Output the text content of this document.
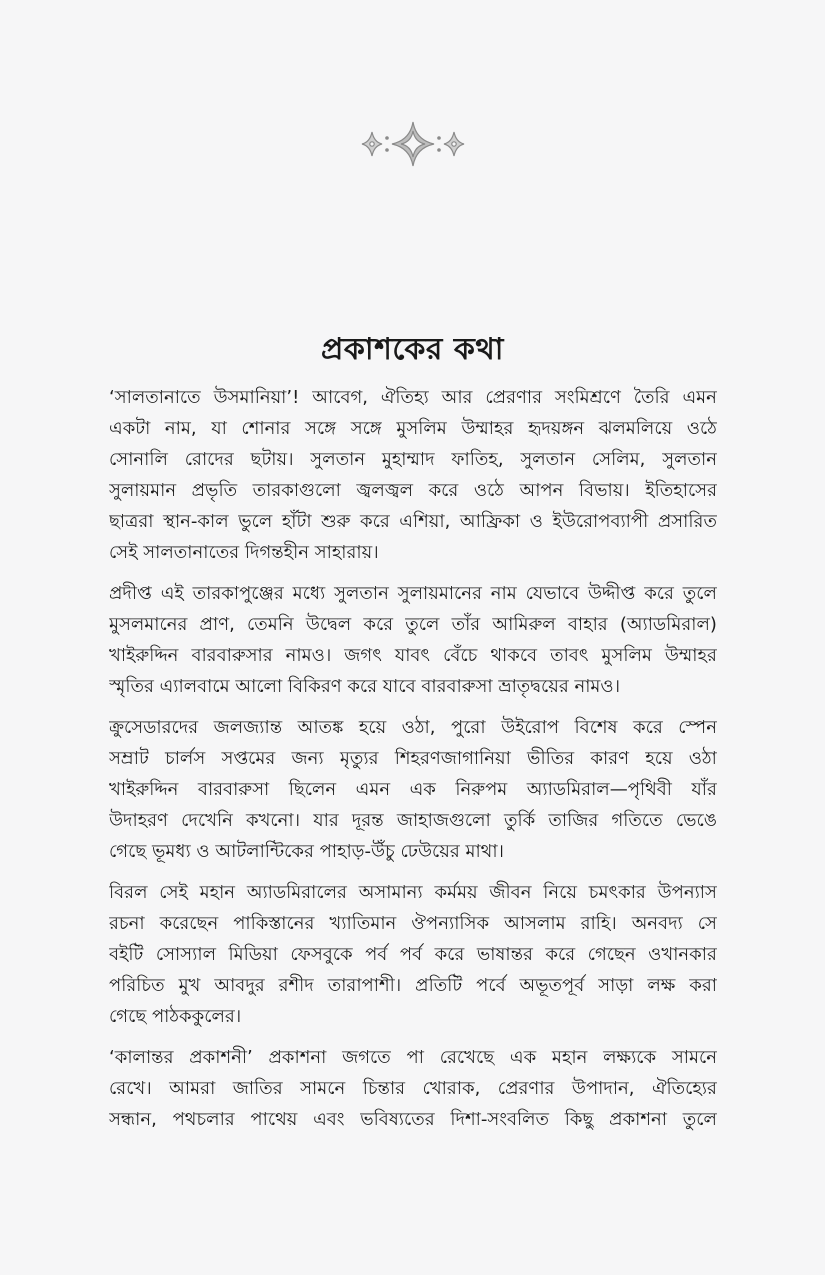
প্রকাশকের কথা
‘সালতানাতে উসমানিয়া’! আবেগ, ঐতিহ্য আর প্রেরণার সংমিশ্রণে তৈরি এমন
একটা নাম, যা শোনার সঙ্গে সঙ্গে মুসলিম উম্মাহর হৃদয়ঙ্গন ঝলমলিয়ে ওঠে
সোনালি রোদের ছটায়। সুলতান মুহাম্মাদ ফাতিহ, সুলতান সেলিম, সুলতান
সুলায়মান প্রভৃতি তারকাগুলো জ্বলজ্বল করে ওঠে আপন বিভায়। ইতিহাসের
ছাত্ররা স্থান-কাল ভুলে হাঁটা শুরু করে এশিয়া, আফ্রিকা ও ইউরোপব্যাপী প্রসারিত
সেই সালতানাতের দিগন্তহীন সাহারায়।
প্রদীপ্ত এই তারকাপুঞ্জের মধ্যে সুলতান সুলায়মানের নাম যেভাবে উদ্দীপ্ত করে তুলে
মুসলমানের প্রাণ, তেমনি উদ্বেল করে তুলে তাঁর আমিরুল বাহার (অ্যাডমিরাল)
খাইরুদ্দিন বারবারুসার নামও। জগৎ যাবৎ বেঁচে থাকবে তাবৎ মুসলিম উম্মাহর
স্মৃতির এ্যালবামে আলো বিকিরণ করে যাবে বারবারুসা ভ্রাতৃদ্বয়ের নামও।
ক্রুসেডারদের জলজ্যান্ত আতঙ্ক হয়ে ওঠা, পুরো উইরোপ বিশেষ করে স্পেন
সম্রাট চার্লস সপ্তমের জন্য মৃত্যুর শিহরণজাগানিয়া ভীতির কারণ হয়ে ওঠা
খাইরুদ্দিন বারবারুসা ছিলেন এমন এক নিরুপম অ্যাডমিরাল—পৃথিবী যাঁর
উদাহরণ দেখেনি কখনো। যার দূরন্ত জাহাজগুলো তুর্কি তাজির গতিতে ভেঙে
গেছে ভূমধ্য ও আটলান্টিকের পাহাড়-উঁচু ঢেউয়ের মাথা।
বিরল সেই মহান অ্যাডমিরালের অসামান্য কর্মময় জীবন নিয়ে চমৎকার উপন্যাস
রচনা করেছেন পাকিস্তানের খ্যাতিমান ঔপন্যাসিক আসলাম রাহি। অনবদ্য সে
বইটি সোস্যাল মিডিয়া ফেসবুকে পর্ব পর্ব করে ভাষান্তর করে গেছেন ওখানকার
পরিচিত মুখ আবদুর রশীদ তারাপাশী। প্রতিটি পর্বে অভূতপূর্ব সাড়া লক্ষ করা
গেছে পাঠককুলের।
‘কালান্তর প্রকাশনী’ প্রকাশনা জগতে পা রেখেছে এক মহান লক্ষ্যকে সামনে
রেখে। আমরা জাতির সামনে চিন্তার খোরাক, প্রেরণার উপাদান, ঐতিহ্যের
সন্ধান, পথচলার পাথেয় এবং ভবিষ্যতের দিশা-সংবলিত কিছু প্রকাশনা তুলে
